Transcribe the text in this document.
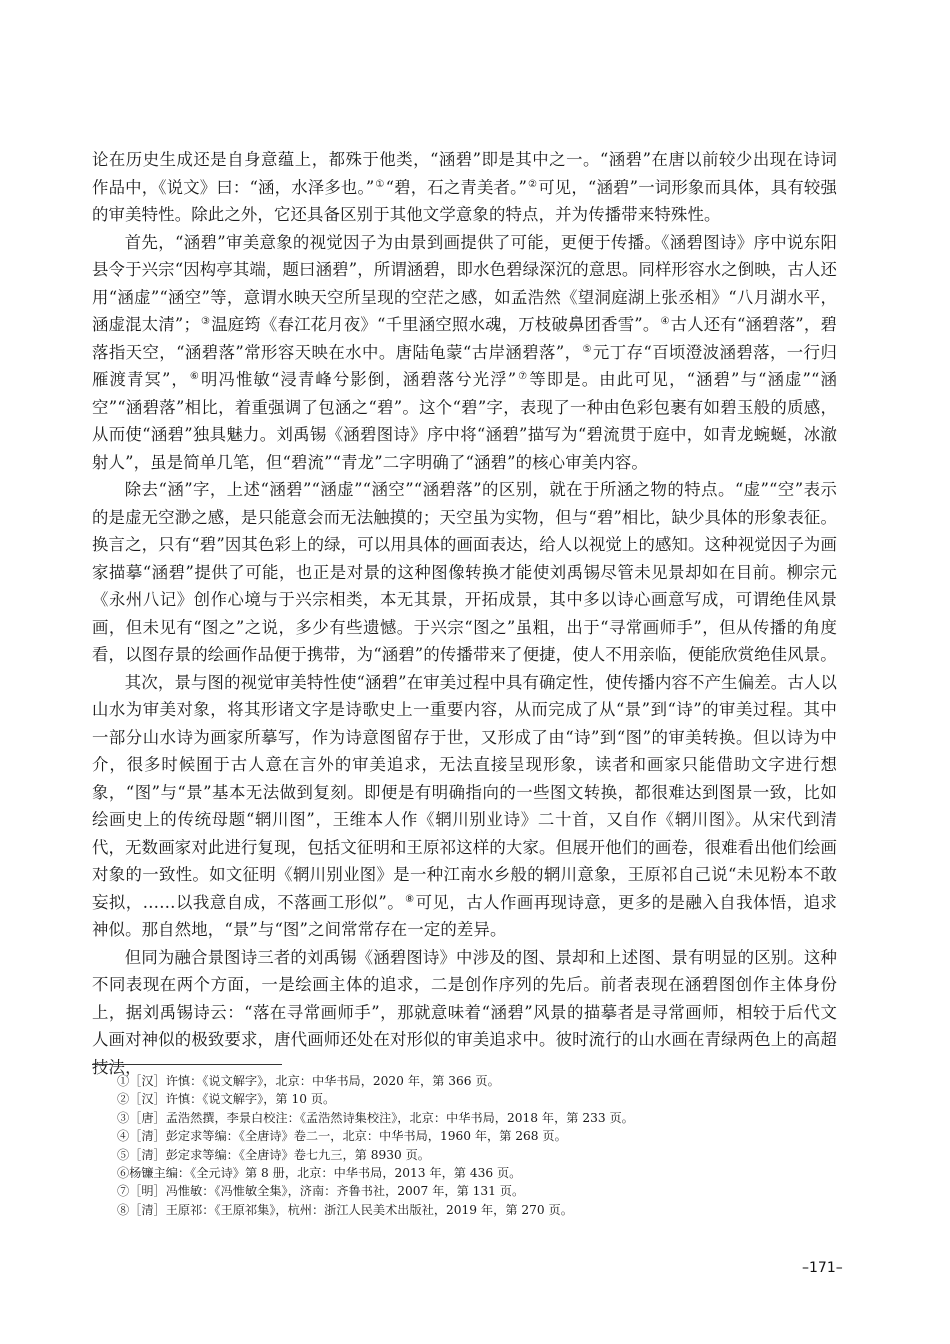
论在历史生成还是自身意蕴上，都殊于他类，“涵碧”即是其中之一。“涵碧”在唐以前较少出现在诗词作品中，《说文》曰：“涵，水泽多也。”①“碧，石之青美者。”②可见，“涵碧”一词形象而具体，具有较强的审美特性。除此之外，它还具备区别于其他文学意象的特点，并为传播带来特殊性。

首先，“涵碧”审美意象的视觉因子为由景到画提供了可能，更便于传播。《涵碧图诗》序中说东阳县令于兴宗“因构亭其端，题曰涵碧”，所谓涵碧，即水色碧绿深沉的意思。同样形容水之倒映，古人还用“涵虚”“涵空”等，意谓水映天空所呈现的空茫之感，如孟浩然《望洞庭湖上张丞相》“八月湖水平，涵虚混太清”；③温庭筠《春江花月夜》“千里涵空照水魂，万枝破鼻团香雪”。④古人还有“涵碧落”，碧落指天空，“涵碧落”常形容天映在水中。唐陆龟蒙“古岸涵碧落”，⑤元丁存“百顷澄波涵碧落，一行归雁渡青冥”，⑥明冯惟敏“浸青峰兮影倒，涵碧落兮光浮”⑦等即是。由此可见，“涵碧”与“涵虚”“涵空”“涵碧落”相比，着重强调了包涵之“碧”。这个“碧”字，表现了一种由色彩包裹有如碧玉般的质感，从而使“涵碧”独具魅力。刘禹锡《涵碧图诗》序中将“涵碧”描写为“碧流贯于庭中，如青龙蜿蜒，冰澈射人”，虽是简单几笔，但“碧流”“青龙”二字明确了“涵碧”的核心审美内容。

除去“涵”字，上述“涵碧”“涵虚”“涵空”“涵碧落”的区别，就在于所涵之物的特点。“虚”“空”表示的是虚无空渺之感，是只能意会而无法触摸的；天空虽为实物，但与“碧”相比，缺少具体的形象表征。换言之，只有“碧”因其色彩上的绿，可以用具体的画面表达，给人以视觉上的感知。这种视觉因子为画家描摹“涵碧”提供了可能，也正是对景的这种图像转换才能使刘禹锡尽管未见景却如在目前。柳宗元《永州八记》创作心境与于兴宗相类，本无其景，开拓成景，其中多以诗心画意写成，可谓绝佳风景画，但未见有“图之”之说，多少有些遗憾。于兴宗“图之”虽粗，出于“寻常画师手”，但从传播的角度看，以图存景的绘画作品便于携带，为“涵碧”的传播带来了便捷，使人不用亲临，便能欣赏绝佳风景。

其次，景与图的视觉审美特性使“涵碧”在审美过程中具有确定性，使传播内容不产生偏差。古人以山水为审美对象，将其形诸文字是诗歌史上一重要内容，从而完成了从“景”到“诗”的审美过程。其中一部分山水诗为画家所摹写，作为诗意图留存于世，又形成了由“诗”到“图”的审美转换。但以诗为中介，很多时候囿于古人意在言外的审美追求，无法直接呈现形象，读者和画家只能借助文字进行想象，“图”与“景”基本无法做到复刻。即便是有明确指向的一些图文转换，都很难达到图景一致，比如绘画史上的传统母题“辋川图”，王维本人作《辋川别业诗》二十首，又自作《辋川图》。从宋代到清代，无数画家对此进行复现，包括文征明和王原祁这样的大家。但展开他们的画卷，很难看出他们绘画对象的一致性。如文征明《辋川别业图》是一种江南水乡般的辋川意象，王原祁自己说“未见粉本不敢妄拟，……以我意自成，不落画工形似”。⑧可见，古人作画再现诗意，更多的是融入自我体悟，追求神似。那自然地，“景”与“图”之间常常存在一定的差异。

但同为融合景图诗三者的刘禹锡《涵碧图诗》中涉及的图、景却和上述图、景有明显的区别。这种不同表现在两个方面，一是绘画主体的追求，二是创作序列的先后。前者表现在涵碧图创作主体身份上，据刘禹锡诗云：“落在寻常画师手”，那就意味着“涵碧”风景的描摹者是寻常画师，相较于后代文人画对神似的极致要求，唐代画师还处在对形似的审美追求中。彼时流行的山水画在青绿两色上的高超技法，

①［汉］许慎：《说文解字》，北京：中华书局，2020 年，第 366 页。
②［汉］许慎：《说文解字》，第 10 页。
③［唐］孟浩然撰，李景白校注：《孟浩然诗集校注》，北京：中华书局，2018 年，第 233 页。
④［清］彭定求等编：《全唐诗》卷二一，北京：中华书局，1960 年，第 268 页。
⑤［清］彭定求等编：《全唐诗》卷七九三，第 8930 页。
⑥杨镰主编：《全元诗》第 8 册，北京：中华书局，2013 年，第 436 页。
⑦［明］冯惟敏：《冯惟敏全集》，济南：齐鲁书社，2007 年，第 131 页。
⑧［清］王原祁：《王原祁集》，杭州：浙江人民美术出版社，2019 年，第 270 页。
–171–
